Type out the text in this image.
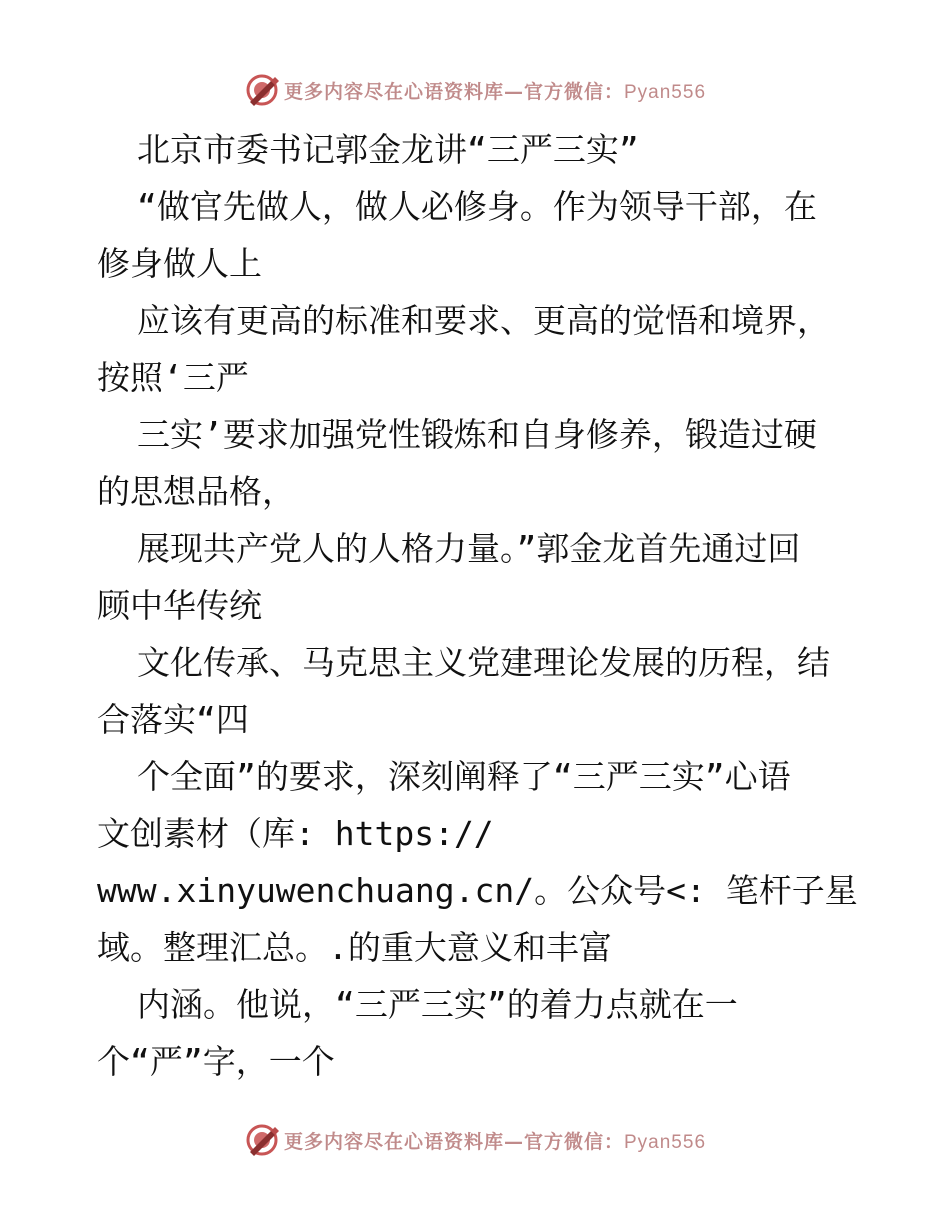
更多内容尽在心语资料库—官方微信：Pyan556
北京市委书记郭金龙讲“三严三实”
“做官先做人，做人必修身。作为领导干部，在
修身做人上
应该有更高的标准和要求、更高的觉悟和境界，
按照‘三严
三实’要求加强党性锻炼和自身修养，锻造过硬
的思想品格，
展现共产党人的人格力量。”郭金龙首先通过回
顾中华传统
文化传承、马克思主义党建理论发展的历程，结
合落实“四
个全面”的要求，深刻阐释了“三严三实”心语
文创素材（库: https://
www.xinyuwenchuang.cn/。公众号<: 笔杆子星
域。整理汇总。.的重大意义和丰富
内涵。他说，“三严三实”的着力点就在一
个“严”字，一个
更多内容尽在心语资料库—官方微信：Pyan556
